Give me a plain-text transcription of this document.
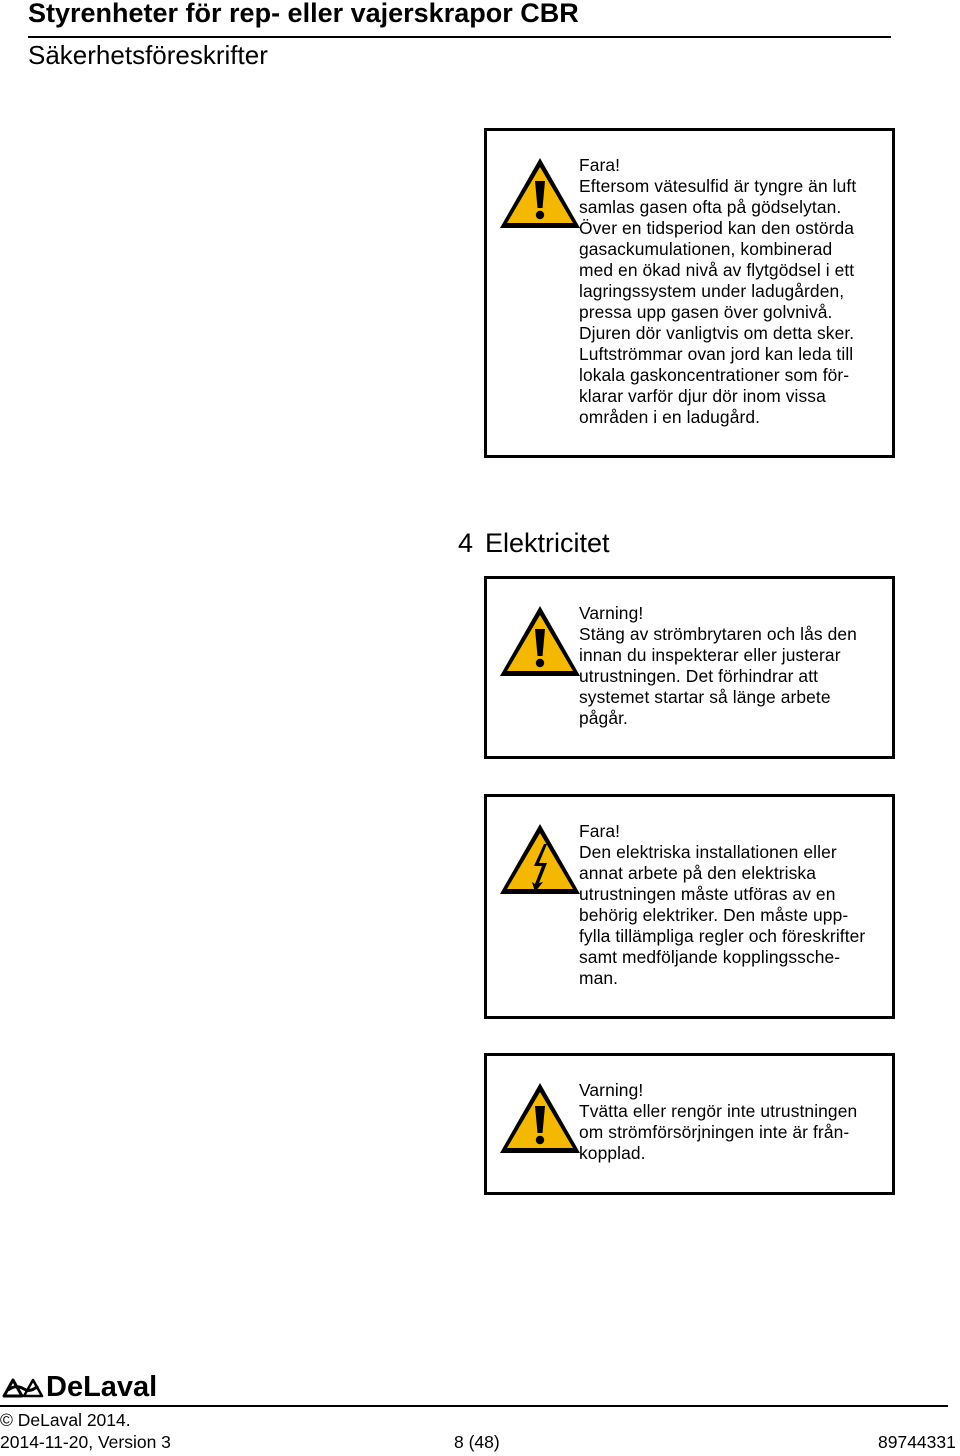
Styrenheter för rep- eller vajerskrapor CBR
Säkerhetsföreskrifter
Fara!
Eftersom vätesulfid är tyngre än luft
samlas gasen ofta på gödselytan.
Över en tidsperiod kan den ostörda
gasackumulationen, kombinerad
med en ökad nivå av flytgödsel i ett
lagringssystem under ladugården,
pressa upp gasen över golvnivå.
Djuren dör vanligtvis om detta sker.
Luftströmmar ovan jord kan leda till
lokala gaskoncentrationer som för-
klarar varför djur dör inom vissa
områden i en ladugård.
4 Elektricitet
Varning!
Stäng av strömbrytaren och lås den
innan du inspekterar eller justerar
utrustningen. Det förhindrar att
systemet startar så länge arbete
pågår.
Fara!
Den elektriska installationen eller
annat arbete på den elektriska
utrustningen måste utföras av en
behörig elektriker. Den måste upp-
fylla tillämpliga regler och föreskrifter
samt medföljande kopplingssche-
man.
Varning!
Tvätta eller rengör inte utrustningen
om strömförsörjningen inte är från-
kopplad.
DeLaval
© DeLaval 2014.
2014-11-20, Version 3	8 (48)	89744331
